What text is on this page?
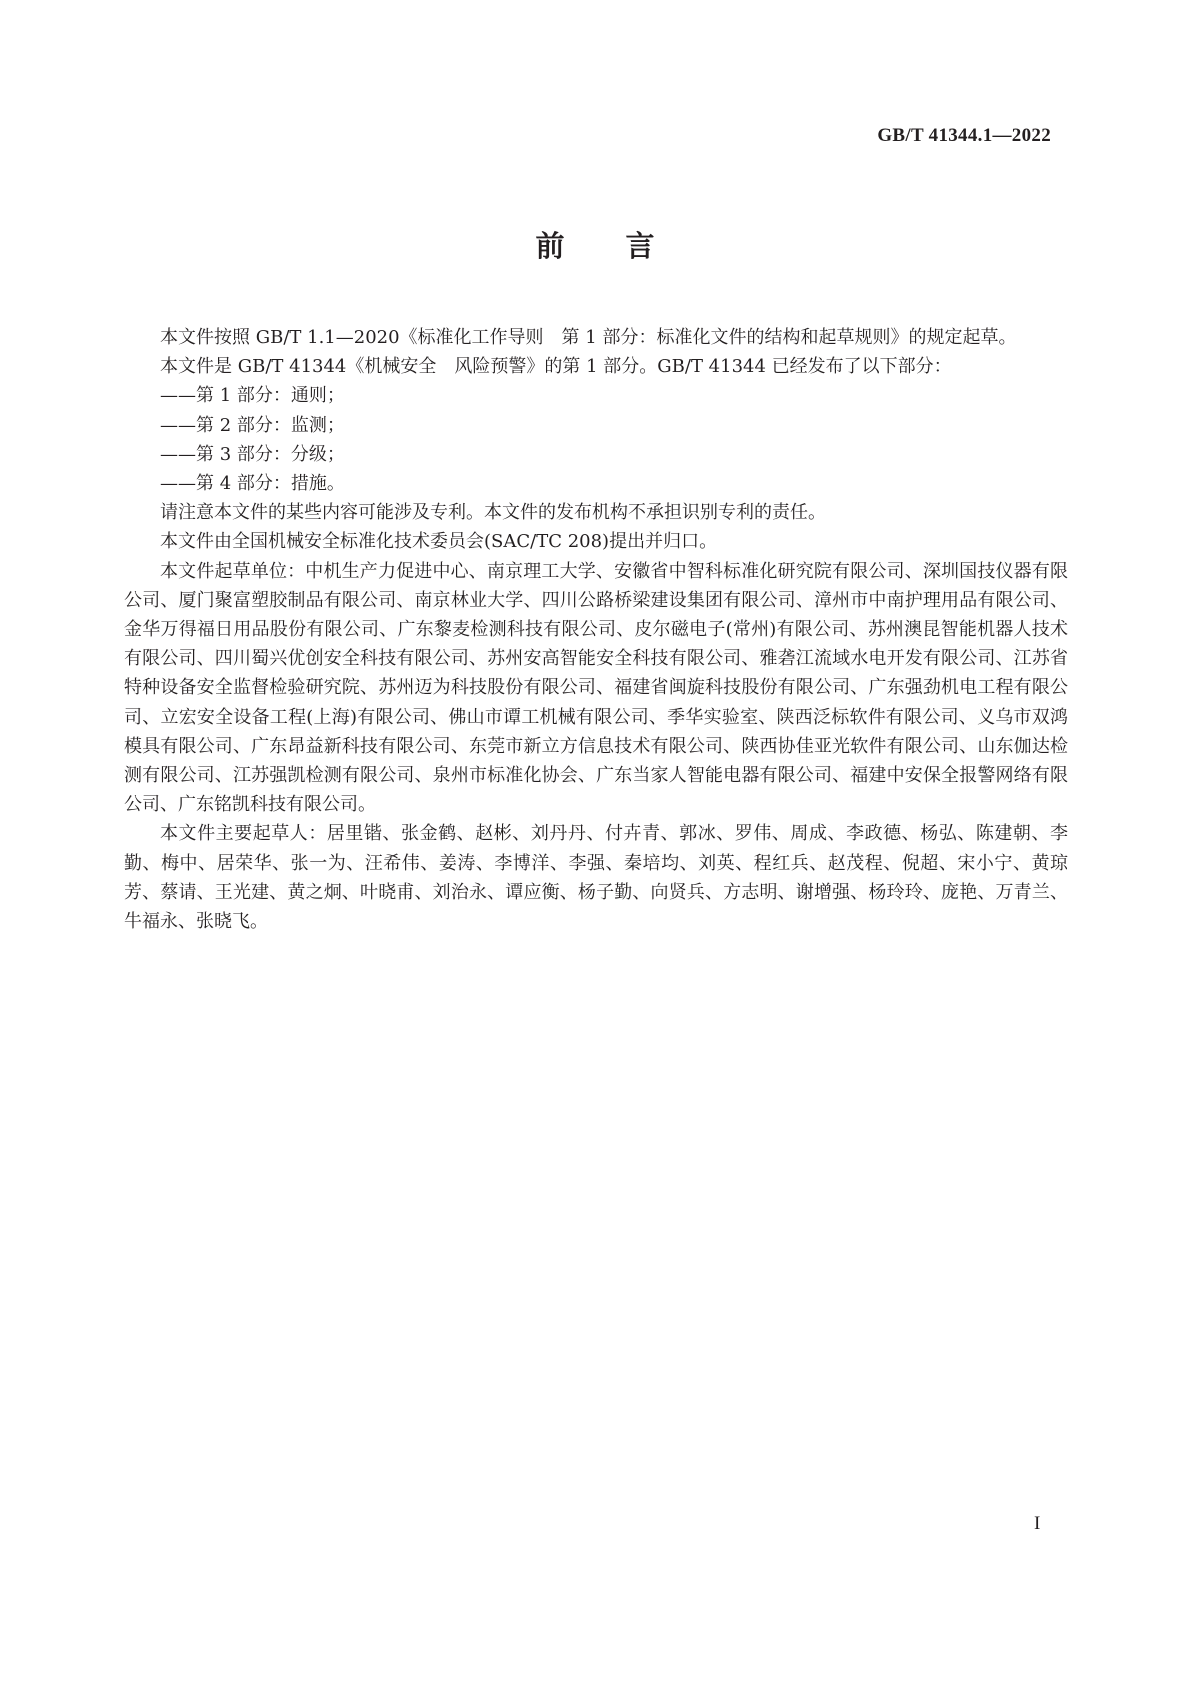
GB/T 41344.1—2022
前　　言

本文件按照 GB/T 1.1—2020《标准化工作导则　第 1 部分：标准化文件的结构和起草规则》的规定起草。

本文件是 GB/T 41344《机械安全　风险预警》的第 1 部分。GB/T 41344 已经发布了以下部分：

——第 1 部分：通则；

——第 2 部分：监测；

——第 3 部分：分级；

——第 4 部分：措施。

请注意本文件的某些内容可能涉及专利。本文件的发布机构不承担识别专利的责任。

本文件由全国机械安全标准化技术委员会(SAC/TC 208)提出并归口。

本文件起草单位：中机生产力促进中心、南京理工大学、安徽省中智科标准化研究院有限公司、深圳国技仪器有限公司、厦门聚富塑胶制品有限公司、南京林业大学、四川公路桥梁建设集团有限公司、漳州市中南护理用品有限公司、金华万得福日用品股份有限公司、广东黎麦检测科技有限公司、皮尔磁电子(常州)有限公司、苏州澳昆智能机器人技术有限公司、四川蜀兴优创安全科技有限公司、苏州安高智能安全科技有限公司、雅砻江流域水电开发有限公司、江苏省特种设备安全监督检验研究院、苏州迈为科技股份有限公司、福建省闽旋科技股份有限公司、广东强劲机电工程有限公司、立宏安全设备工程(上海)有限公司、佛山市谭工机械有限公司、季华实验室、陕西泛标软件有限公司、义乌市双鸿模具有限公司、广东昂益新科技有限公司、东莞市新立方信息技术有限公司、陕西协佳亚光软件有限公司、山东伽达检测有限公司、江苏强凯检测有限公司、泉州市标准化协会、广东当家人智能电器有限公司、福建中安保全报警网络有限公司、广东铭凯科技有限公司。

本文件主要起草人：居里锴、张金鹤、赵彬、刘丹丹、付卉青、郭冰、罗伟、周成、李政德、杨弘、陈建朝、李勤、梅中、居荣华、张一为、汪希伟、姜涛、李博洋、李强、秦培均、刘英、程红兵、赵茂程、倪超、宋小宁、黄琼芳、蔡请、王光建、黄之炯、叶晓甫、刘治永、谭应衡、杨子勤、向贤兵、方志明、谢增强、杨玲玲、庞艳、万青兰、牛福永、张晓飞。

I
